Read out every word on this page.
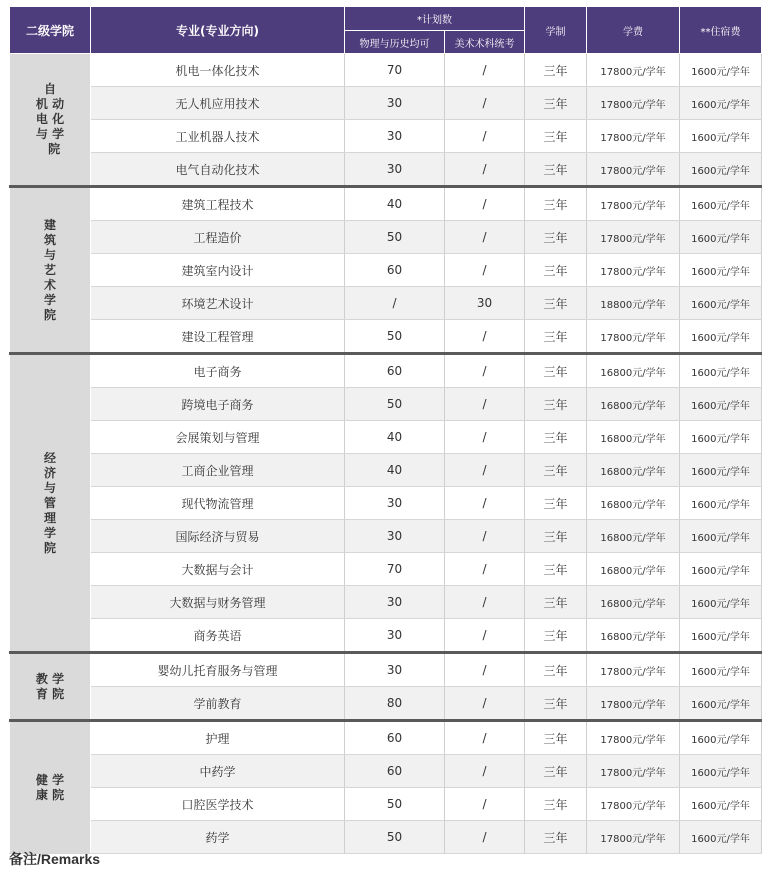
二级学院	专业(专业方向)	*计划数		学制	学费	**住宿费
		物理与历史均可	美术术科统考			
自
机 动
电 化
与 学
院	机电一体化技术	70	/	三年	17800元/学年	1600元/学年
	无人机应用技术	30	/	三年	17800元/学年	1600元/学年
	工业机器人技术	30	/	三年	17800元/学年	1600元/学年
	电气自动化技术	30	/	三年	17800元/学年	1600元/学年
建筑与艺术学院	建筑工程技术	40	/	三年	17800元/学年	1600元/学年
	工程造价	50	/	三年	17800元/学年	1600元/学年
	建筑室内设计	60	/	三年	17800元/学年	1600元/学年
	环境艺术设计	/	30	三年	18800元/学年	1600元/学年
	建设工程管理	50	/	三年	17800元/学年	1600元/学年
经济与管理学院	电子商务	60	/	三年	16800元/学年	1600元/学年
	跨境电子商务	50	/	三年	16800元/学年	1600元/学年
	会展策划与管理	40	/	三年	16800元/学年	1600元/学年
	工商企业管理	40	/	三年	16800元/学年	1600元/学年
	现代物流管理	30	/	三年	16800元/学年	1600元/学年
	国际经济与贸易	30	/	三年	16800元/学年	1600元/学年
	大数据与会计	70	/	三年	16800元/学年	1600元/学年
	大数据与财务管理	30	/	三年	16800元/学年	1600元/学年
	商务英语	30	/	三年	16800元/学年	1600元/学年
教 学
育 院	婴幼儿托育服务与管理	30	/	三年	17800元/学年	1600元/学年
	学前教育	80	/	三年	17800元/学年	1600元/学年
健 学
康 院	护理	60	/	三年	17800元/学年	1600元/学年
	中药学	60	/	三年	17800元/学年	1600元/学年
	口腔医学技术	50	/	三年	17800元/学年	1600元/学年
	药学	50	/	三年	17800元/学年	1600元/学年
备注/Remarks
